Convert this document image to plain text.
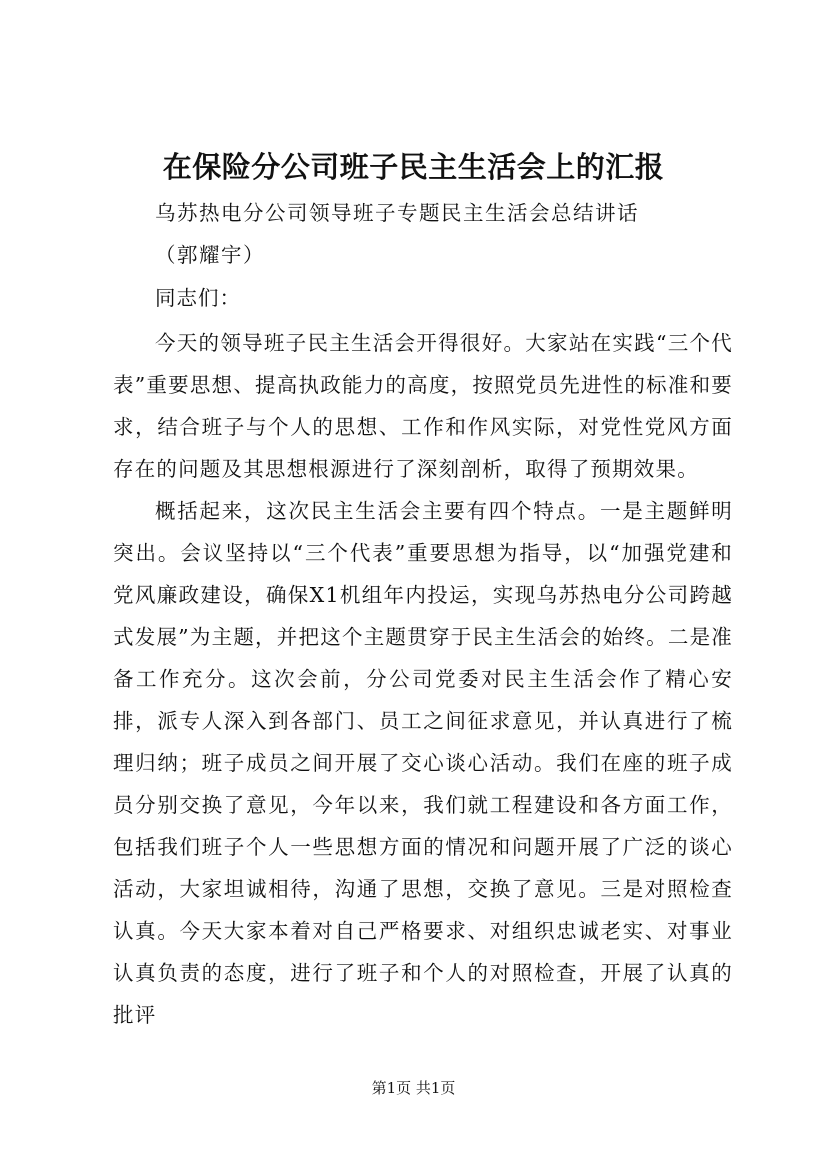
在保险分公司班子民主生活会上的汇报
乌苏热电分公司领导班子专题民主生活会总结讲话
（郭耀宇）
同志们：
今天的领导班子民主生活会开得很好。大家站在实践“三个代表”重要思想、提高执政能力的高度，按照党员先进性的标准和要求，结合班子与个人的思想、工作和作风实际，对党性党风方面存在的问题及其思想根源进行了深刻剖析，取得了预期效果。
概括起来，这次民主生活会主要有四个特点。一是主题鲜明突出。会议坚持以“三个代表”重要思想为指导，以“加强党建和党风廉政建设，确保X1机组年内投运，实现乌苏热电分公司跨越式发展”为主题，并把这个主题贯穿于民主生活会的始终。二是准备工作充分。这次会前，分公司党委对民主生活会作了精心安排，派专人深入到各部门、员工之间征求意见，并认真进行了梳理归纳；班子成员之间开展了交心谈心活动。我们在座的班子成员分别交换了意见，今年以来，我们就工程建设和各方面工作，包括我们班子个人一些思想方面的情况和问题开展了广泛的谈心活动，大家坦诚相待，沟通了思想，交换了意见。三是对照检查认真。今天大家本着对自己严格要求、对组织忠诚老实、对事业认真负责的态度，进行了班子和个人的对照检查，开展了认真的批评
第1页 共1页
